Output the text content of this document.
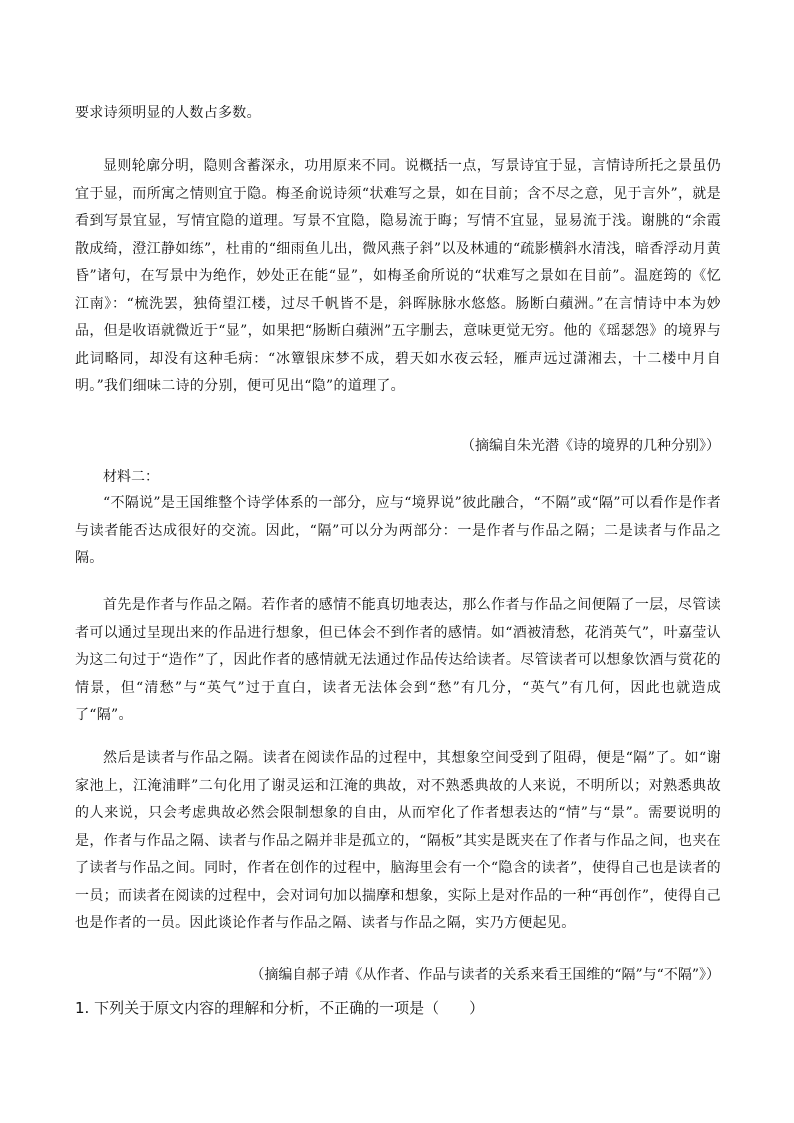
要求诗须明显的人数占多数。

显则轮廓分明，隐则含蓄深永，功用原来不同。说概括一点，写景诗宜于显，言情诗所托之景虽仍宜于显，而所寓之情则宜于隐。梅圣俞说诗须“状难写之景，如在目前；含不尽之意，见于言外”，就是看到写景宜显，写情宜隐的道理。写景不宜隐，隐易流于晦；写情不宜显，显易流于浅。谢朓的“余霞散成绮，澄江静如练”，杜甫的“细雨鱼儿出，微风燕子斜”以及林逋的“疏影横斜水清浅，暗香浮动月黄昏”诸句，在写景中为绝作，妙处正在能“显”，如梅圣俞所说的“状难写之景如在目前”。温庭筠的《忆江南》：“梳洗罢，独倚望江楼，过尽千帆皆不是，斜晖脉脉水悠悠。肠断白蘋洲。”在言情诗中本为妙品，但是收语就微近于“显”，如果把“肠断白蘋洲”五字删去，意味更觉无穷。他的《瑶瑟怨》的境界与此词略同，却没有这种毛病：“冰簟银床梦不成，碧天如水夜云轻，雁声远过潇湘去，十二楼中月自明。”我们细味二诗的分别，便可见出“隐”的道理了。

（摘编自朱光潜《诗的境界的几种分别》）

材料二：

“不隔说”是王国维整个诗学体系的一部分，应与“境界说”彼此融合，“不隔”或“隔”可以看作是作者与读者能否达成很好的交流。因此，“隔”可以分为两部分：一是作者与作品之隔；二是读者与作品之隔。

首先是作者与作品之隔。若作者的感情不能真切地表达，那么作者与作品之间便隔了一层，尽管读者可以通过呈现出来的作品进行想象，但已体会不到作者的感情。如“酒被清愁，花消英气”，叶嘉莹认为这二句过于“造作”了，因此作者的感情就无法通过作品传达给读者。尽管读者可以想象饮酒与赏花的情景，但“清愁”与“英气”过于直白，读者无法体会到“愁”有几分，“英气”有几何，因此也就造成了“隔”。

然后是读者与作品之隔。读者在阅读作品的过程中，其想象空间受到了阻碍，便是“隔”了。如“谢家池上，江淹浦畔”二句化用了谢灵运和江淹的典故，对不熟悉典故的人来说，不明所以；对熟悉典故的人来说，只会考虑典故必然会限制想象的自由，从而窄化了作者想表达的“情”与“景”。需要说明的是，作者与作品之隔、读者与作品之隔并非是孤立的，“隔板”其实是既夹在了作者与作品之间，也夹在了读者与作品之间。同时，作者在创作的过程中，脑海里会有一个“隐含的读者”，使得自己也是读者的一员；而读者在阅读的过程中，会对词句加以揣摩和想象，实际上是对作品的一种“再创作”，使得自己也是作者的一员。因此谈论作者与作品之隔、读者与作品之隔，实乃方便起见。

（摘编自郝子靖《从作者、作品与读者的关系来看王国维的“隔”与“不隔”》）

1. 下列关于原文内容的理解和分析，不正确的一项是（　　）
